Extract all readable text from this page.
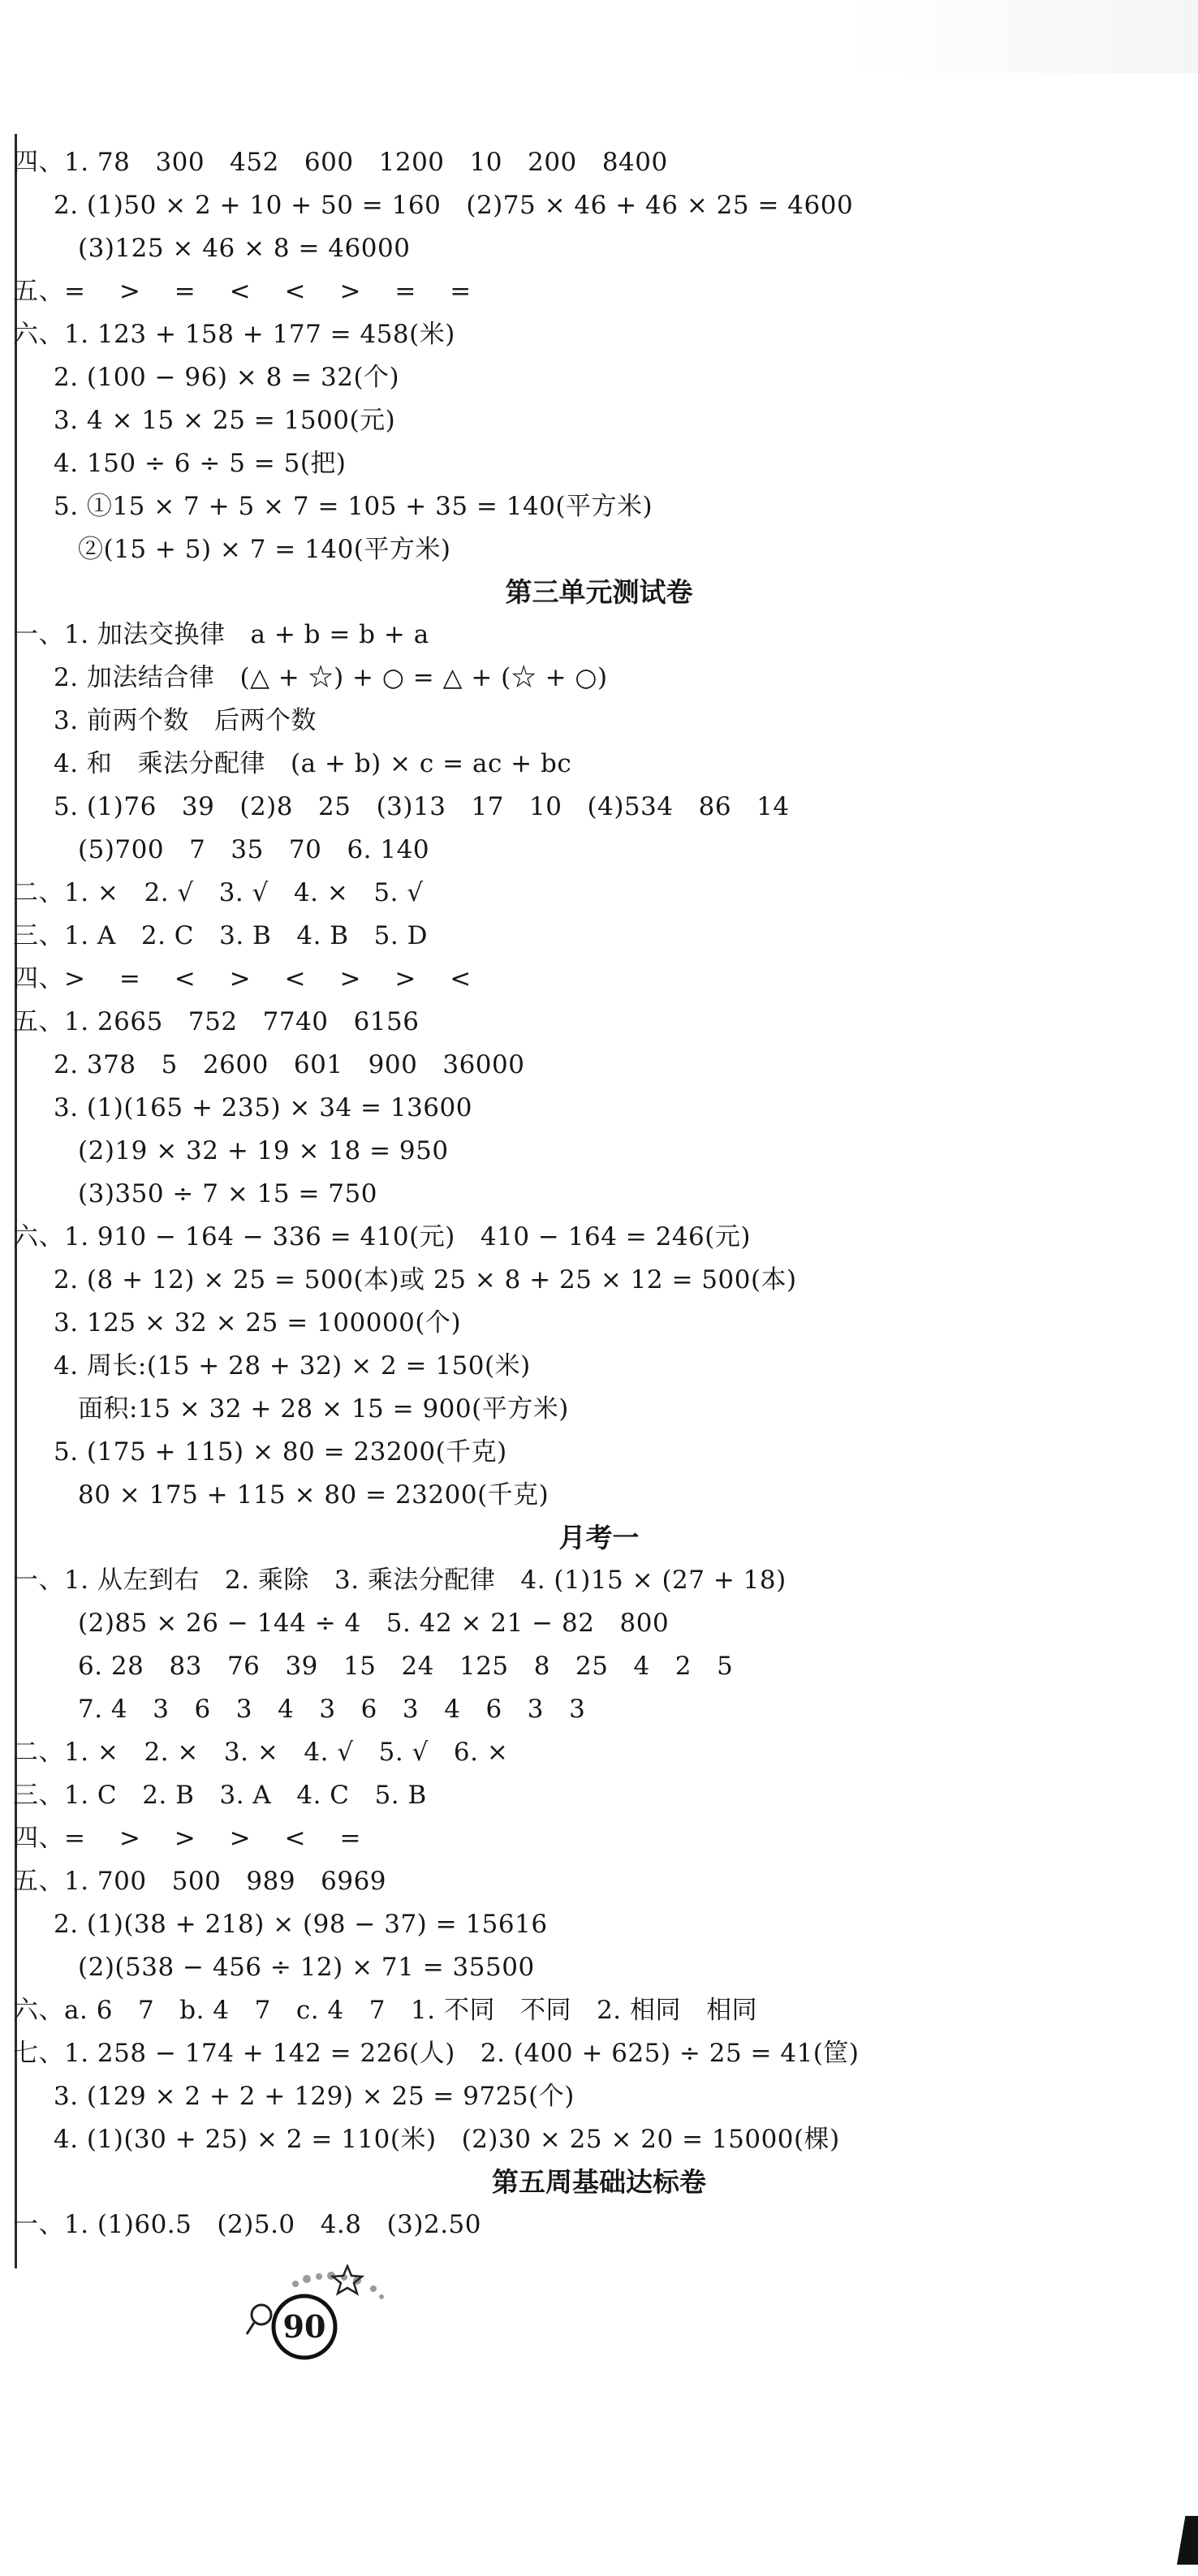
四、1. 78   300   452   600   1200   10   200   8400
2. (1)50 × 2 + 10 + 50 = 160   (2)75 × 46 + 46 × 25 = 4600
(3)125 × 46 × 8 = 46000
五、=    >    =    <    <    >    =    =
六、1. 123 + 158 + 177 = 458(米)
2. (100 − 96) × 8 = 32(个)
3. 4 × 15 × 25 = 1500(元)
4. 150 ÷ 6 ÷ 5 = 5(把)
5. ①15 × 7 + 5 × 7 = 105 + 35 = 140(平方米)
②(15 + 5) × 7 = 140(平方米)
第三单元测试卷
一、1. 加法交换律   a + b = b + a
2. 加法结合律   (△ + ☆) + ○ = △ + (☆ + ○)
3. 前两个数   后两个数
4. 和   乘法分配律   (a + b) × c = ac + bc
5. (1)76   39   (2)8   25   (3)13   17   10   (4)534   86   14
(5)700   7   35   70   6. 140
二、1. ×   2. √   3. √   4. ×   5. √
三、1. A   2. C   3. B   4. B   5. D
四、>    =    <    >    <    >    >    <
五、1. 2665   752   7740   6156
2. 378   5   2600   601   900   36000
3. (1)(165 + 235) × 34 = 13600
(2)19 × 32 + 19 × 18 = 950
(3)350 ÷ 7 × 15 = 750
六、1. 910 − 164 − 336 = 410(元)   410 − 164 = 246(元)
2. (8 + 12) × 25 = 500(本)或 25 × 8 + 25 × 12 = 500(本)
3. 125 × 32 × 25 = 100000(个)
4. 周长:(15 + 28 + 32) × 2 = 150(米)
面积:15 × 32 + 28 × 15 = 900(平方米)
5. (175 + 115) × 80 = 23200(千克)
80 × 175 + 115 × 80 = 23200(千克)
月考一
一、1. 从左到右   2. 乘除   3. 乘法分配律   4. (1)15 × (27 + 18)
(2)85 × 26 − 144 ÷ 4   5. 42 × 21 − 82   800
6. 28   83   76   39   15   24   125   8   25   4   2   5
7. 4   3   6   3   4   3   6   3   4   6   3   3
二、1. ×   2. ×   3. ×   4. √   5. √   6. ×
三、1. C   2. B   3. A   4. C   5. B
四、=    >    >    >    <    =
五、1. 700   500   989   6969
2. (1)(38 + 218) × (98 − 37) = 15616
(2)(538 − 456 ÷ 12) × 71 = 35500
六、a. 6   7   b. 4   7   c. 4   7   1. 不同   不同   2. 相同   相同
七、1. 258 − 174 + 142 = 226(人)   2. (400 + 625) ÷ 25 = 41(筐)
3. (129 × 2 + 2 + 129) × 25 = 9725(个)
4. (1)(30 + 25) × 2 = 110(米)   (2)30 × 25 × 20 = 15000(棵)
第五周基础达标卷
一、1. (1)60.5   (2)5.0   4.8   (3)2.50
90
